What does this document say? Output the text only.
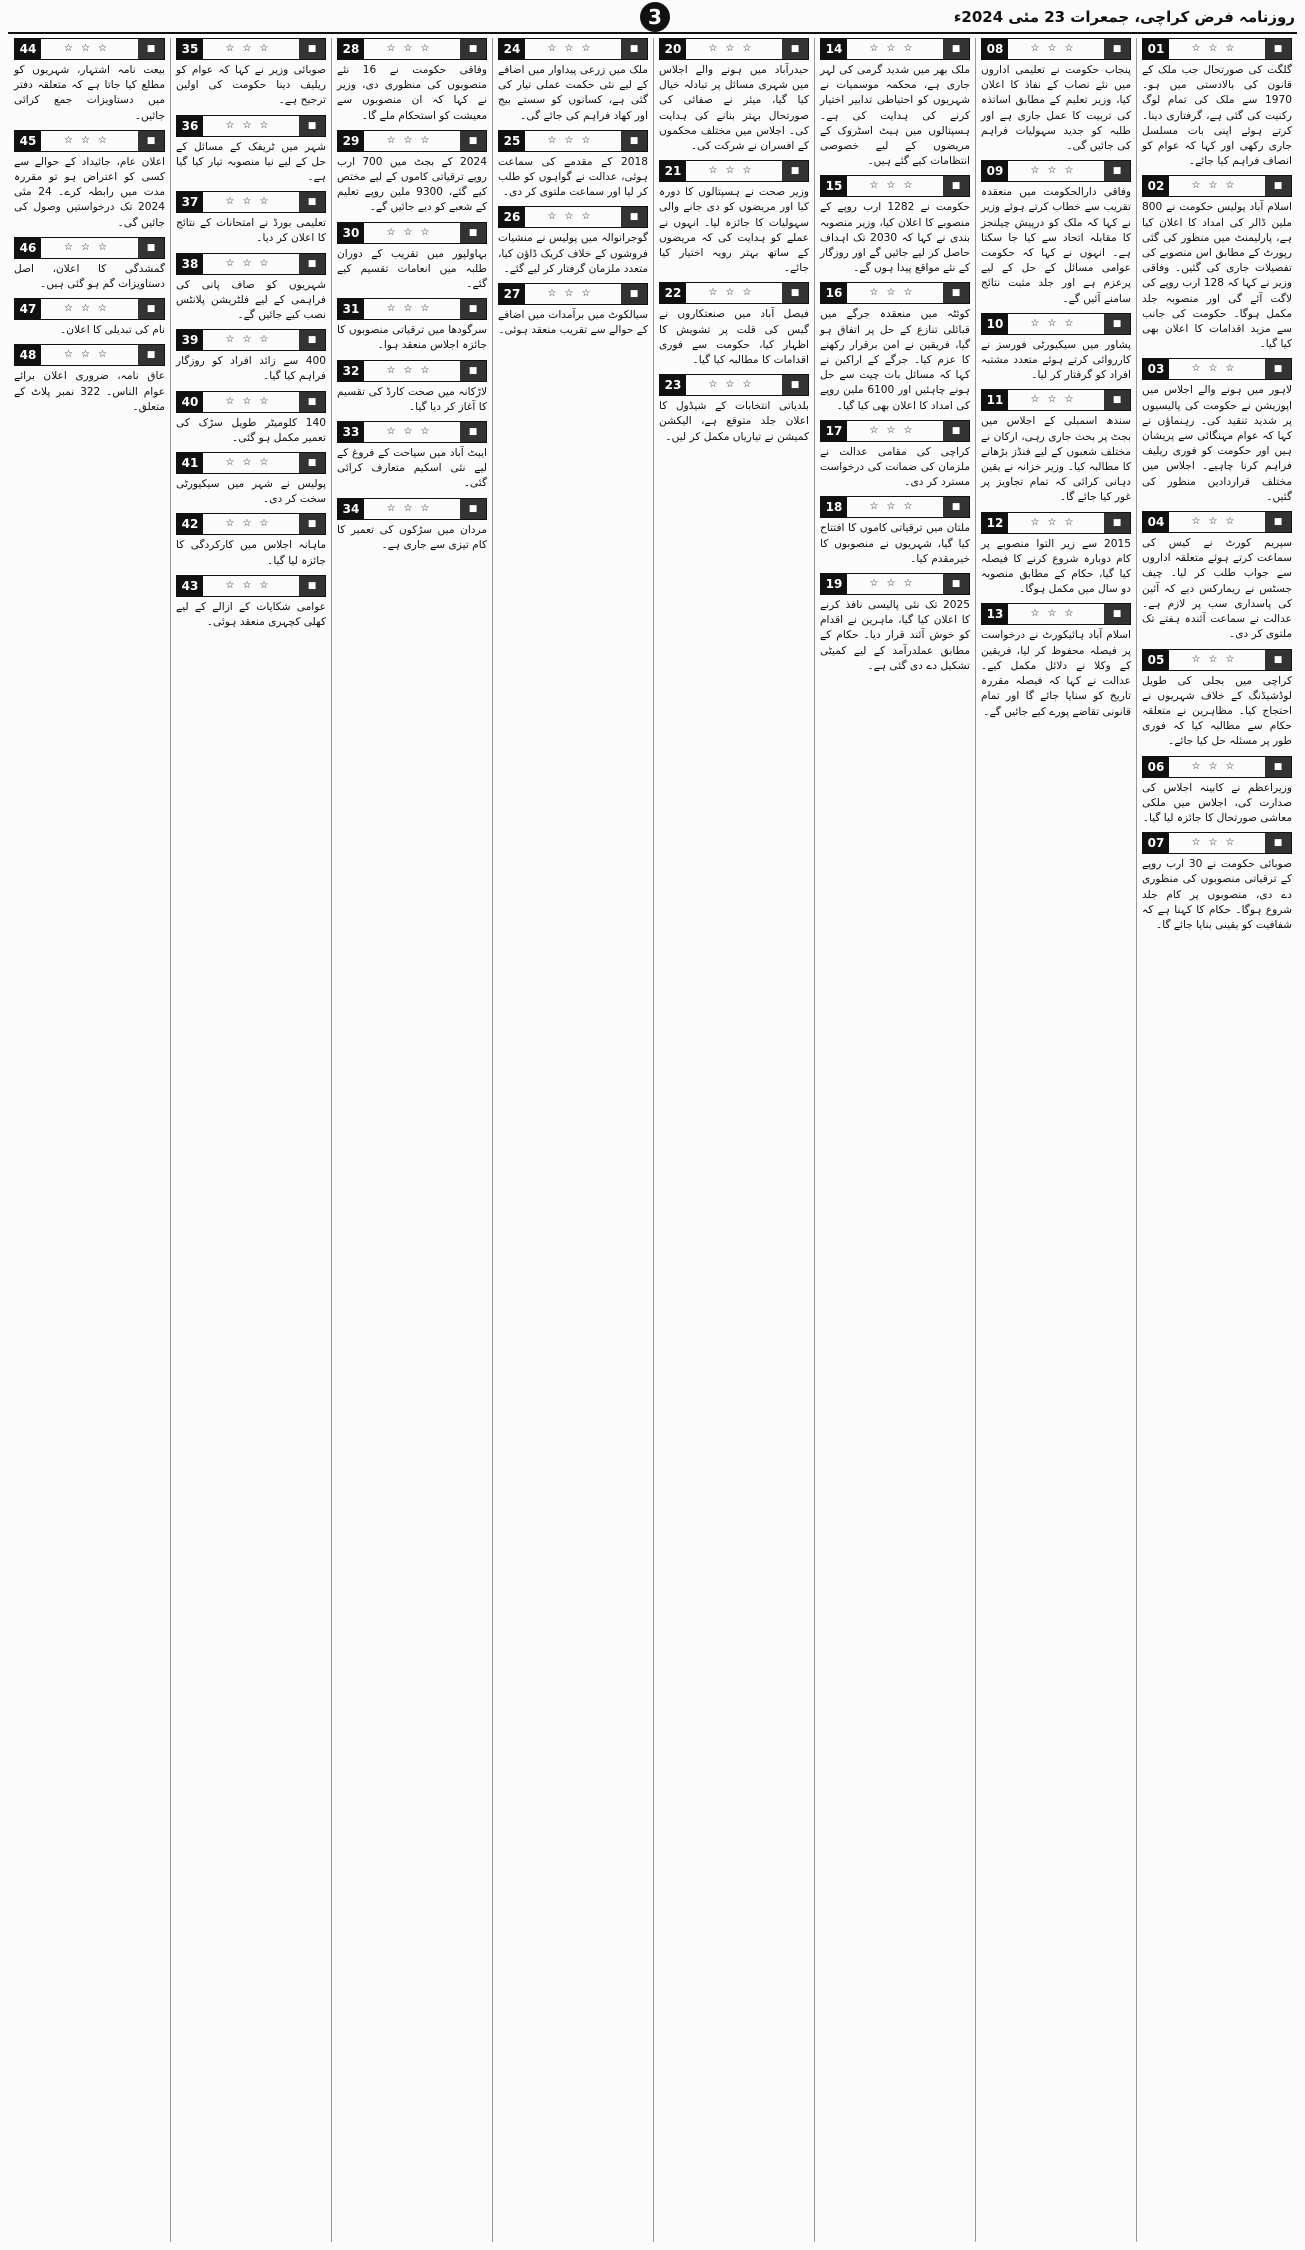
3	روزنامہ فرض کراچی، جمعرات 23 مئی 2024ء
01	☆☆☆	■

گلگت کی صورتحال جب ملک کے قانون کی بالادستی میں ہو۔ 1970 سے ملک کی تمام لوگ رکنیت کی گئی ہے، گرفتاری دینا۔ کرتے ہوئے اپنی بات مسلسل جاری رکھی اور کہا کہ عوام کو انصاف فراہم کیا جائے۔

02	☆☆☆	■

اسلام آباد پولیس حکومت نے 800 ملین ڈالر کی امداد کا اعلان کیا ہے، پارلیمنٹ میں منظور کی گئی رپورٹ کے مطابق اس منصوبے کی تفصیلات جاری کی گئیں۔ وفاقی وزیر نے کہا کہ 128 ارب روپے کی لاگت آئے گی اور منصوبہ جلد مکمل ہوگا۔ حکومت کی جانب سے مزید اقدامات کا اعلان بھی کیا گیا۔

03	☆☆☆	■

لاہور میں ہونے والے اجلاس میں اپوزیشن نے حکومت کی پالیسیوں پر شدید تنقید کی۔ رہنماؤں نے کہا کہ عوام مہنگائی سے پریشان ہیں اور حکومت کو فوری ریلیف فراہم کرنا چاہیے۔ اجلاس میں مختلف قراردادیں منظور کی گئیں۔

04	☆☆☆	■

سپریم کورٹ نے کیس کی سماعت کرتے ہوئے متعلقہ اداروں سے جواب طلب کر لیا۔ چیف جسٹس نے ریمارکس دیے کہ آئین کی پاسداری سب پر لازم ہے۔ عدالت نے سماعت آئندہ ہفتے تک ملتوی کر دی۔

05	☆☆☆	■

کراچی میں بجلی کی طویل لوڈشیڈنگ کے خلاف شہریوں نے احتجاج کیا۔ مظاہرین نے متعلقہ حکام سے مطالبہ کیا کہ فوری طور پر مسئلہ حل کیا جائے۔

06	☆☆☆	■

وزیراعظم نے کابینہ اجلاس کی صدارت کی، اجلاس میں ملکی معاشی صورتحال کا جائزہ لیا گیا۔

07	☆☆☆	■

صوبائی حکومت نے 30 ارب روپے کے ترقیاتی منصوبوں کی منظوری دے دی، منصوبوں پر کام جلد شروع ہوگا۔ حکام کا کہنا ہے کہ شفافیت کو یقینی بنایا جائے گا۔

08	☆☆☆	■

پنجاب حکومت نے تعلیمی اداروں میں نئے نصاب کے نفاذ کا اعلان کیا، وزیر تعلیم کے مطابق اساتذہ کی تربیت کا عمل جاری ہے اور طلبہ کو جدید سہولیات فراہم کی جائیں گی۔

09	☆☆☆	■

وفاقی دارالحکومت میں منعقدہ تقریب سے خطاب کرتے ہوئے وزیر نے کہا کہ ملک کو درپیش چیلنجز کا مقابلہ اتحاد سے کیا جا سکتا ہے۔ انہوں نے کہا کہ حکومت عوامی مسائل کے حل کے لیے پرعزم ہے اور جلد مثبت نتائج سامنے آئیں گے۔

10	☆☆☆	■

پشاور میں سیکیورٹی فورسز نے کارروائی کرتے ہوئے متعدد مشتبہ افراد کو گرفتار کر لیا۔

11	☆☆☆	■

سندھ اسمبلی کے اجلاس میں بجٹ پر بحث جاری رہی، ارکان نے مختلف شعبوں کے لیے فنڈز بڑھانے کا مطالبہ کیا۔ وزیر خزانہ نے یقین دہانی کرائی کہ تمام تجاویز پر غور کیا جائے گا۔

12	☆☆☆	■

2015 سے زیر التوا منصوبے پر کام دوبارہ شروع کرنے کا فیصلہ کیا گیا، حکام کے مطابق منصوبہ دو سال میں مکمل ہوگا۔

13	☆☆☆	■

اسلام آباد ہائیکورٹ نے درخواست پر فیصلہ محفوظ کر لیا، فریقین کے وکلا نے دلائل مکمل کیے۔ عدالت نے کہا کہ فیصلہ مقررہ تاریخ کو سنایا جائے گا اور تمام قانونی تقاضے پورے کیے جائیں گے۔

14	☆☆☆	■

ملک بھر میں شدید گرمی کی لہر جاری ہے، محکمہ موسمیات نے شہریوں کو احتیاطی تدابیر اختیار کرنے کی ہدایت کی ہے۔ ہسپتالوں میں ہیٹ اسٹروک کے مریضوں کے لیے خصوصی انتظامات کیے گئے ہیں۔

15	☆☆☆	■

حکومت نے 1282 ارب روپے کے منصوبے کا اعلان کیا، وزیر منصوبہ بندی نے کہا کہ 2030 تک اہداف حاصل کر لیے جائیں گے اور روزگار کے نئے مواقع پیدا ہوں گے۔

16	☆☆☆	■

کوئٹہ میں منعقدہ جرگے میں قبائلی تنازع کے حل پر اتفاق ہو گیا، فریقین نے امن برقرار رکھنے کا عزم کیا۔ جرگے کے اراکین نے کہا کہ مسائل بات چیت سے حل ہونے چاہئیں اور 6100 ملین روپے کی امداد کا اعلان بھی کیا گیا۔

17	☆☆☆	■

کراچی کی مقامی عدالت نے ملزمان کی ضمانت کی درخواست مسترد کر دی۔

18	☆☆☆	■

ملتان میں ترقیاتی کاموں کا افتتاح کیا گیا، شہریوں نے منصوبوں کا خیرمقدم کیا۔

19	☆☆☆	■

2025 تک نئی پالیسی نافذ کرنے کا اعلان کیا گیا، ماہرین نے اقدام کو خوش آئند قرار دیا۔ حکام کے مطابق عملدرآمد کے لیے کمیٹی تشکیل دے دی گئی ہے۔

20	☆☆☆	■

حیدرآباد میں ہونے والے اجلاس میں شہری مسائل پر تبادلہ خیال کیا گیا، میئر نے صفائی کی صورتحال بہتر بنانے کی ہدایت کی۔ اجلاس میں مختلف محکموں کے افسران نے شرکت کی۔

21	☆☆☆	■

وزیر صحت نے ہسپتالوں کا دورہ کیا اور مریضوں کو دی جانے والی سہولیات کا جائزہ لیا۔ انہوں نے عملے کو ہدایت کی کہ مریضوں کے ساتھ بہتر رویہ اختیار کیا جائے۔

22	☆☆☆	■

فیصل آباد میں صنعتکاروں نے گیس کی قلت پر تشویش کا اظہار کیا، حکومت سے فوری اقدامات کا مطالبہ کیا گیا۔

23	☆☆☆	■

بلدیاتی انتخابات کے شیڈول کا اعلان جلد متوقع ہے، الیکشن کمیشن نے تیاریاں مکمل کر لیں۔

24	☆☆☆	■

ملک میں زرعی پیداوار میں اضافے کے لیے نئی حکمت عملی تیار کی گئی ہے، کسانوں کو سستے بیج اور کھاد فراہم کی جائے گی۔

25	☆☆☆	■

2018 کے مقدمے کی سماعت ہوئی، عدالت نے گواہوں کو طلب کر لیا اور سماعت ملتوی کر دی۔

26	☆☆☆	■

گوجرانوالہ میں پولیس نے منشیات فروشوں کے خلاف کریک ڈاؤن کیا، متعدد ملزمان گرفتار کر لیے گئے۔

27	☆☆☆	■

سیالکوٹ میں برآمدات میں اضافے کے حوالے سے تقریب منعقد ہوئی۔

28	☆☆☆	■

وفاقی حکومت نے 16 نئے منصوبوں کی منظوری دی، وزیر نے کہا کہ ان منصوبوں سے معیشت کو استحکام ملے گا۔

29	☆☆☆	■

2024 کے بجٹ میں 700 ارب روپے ترقیاتی کاموں کے لیے مختص کیے گئے، 9300 ملین روپے تعلیم کے شعبے کو دیے جائیں گے۔

30	☆☆☆	■

بہاولپور میں تقریب کے دوران طلبہ میں انعامات تقسیم کیے گئے۔

31	☆☆☆	■

سرگودھا میں ترقیاتی منصوبوں کا جائزہ اجلاس منعقد ہوا۔

32	☆☆☆	■

لاڑکانہ میں صحت کارڈ کی تقسیم کا آغاز کر دیا گیا۔

33	☆☆☆	■

ایبٹ آباد میں سیاحت کے فروغ کے لیے نئی اسکیم متعارف کرائی گئی۔

34	☆☆☆	■

مردان میں سڑکوں کی تعمیر کا کام تیزی سے جاری ہے۔

35	☆☆☆	■

صوبائی وزیر نے کہا کہ عوام کو ریلیف دینا حکومت کی اولین ترجیح ہے۔

36	☆☆☆	■

شہر میں ٹریفک کے مسائل کے حل کے لیے نیا منصوبہ تیار کیا گیا ہے۔

37	☆☆☆	■

تعلیمی بورڈ نے امتحانات کے نتائج کا اعلان کر دیا۔

38	☆☆☆	■

شہریوں کو صاف پانی کی فراہمی کے لیے فلٹریشن پلانٹس نصب کیے جائیں گے۔

39	☆☆☆	■

400 سے زائد افراد کو روزگار فراہم کیا گیا۔

40	☆☆☆	■

140 کلومیٹر طویل سڑک کی تعمیر مکمل ہو گئی۔

41	☆☆☆	■

پولیس نے شہر میں سیکیورٹی سخت کر دی۔

42	☆☆☆	■

ماہانہ اجلاس میں کارکردگی کا جائزہ لیا گیا۔

43	☆☆☆	■

عوامی شکایات کے ازالے کے لیے کھلی کچہری منعقد ہوئی۔

44	☆☆☆	■

بیعت نامہ اشتہار، شہریوں کو مطلع کیا جاتا ہے کہ متعلقہ دفتر میں دستاویزات جمع کرائی جائیں۔

45	☆☆☆	■

اعلان عام، جائیداد کے حوالے سے کسی کو اعتراض ہو تو مقررہ مدت میں رابطہ کرے۔ 24 مئی 2024 تک درخواستیں وصول کی جائیں گی۔

46	☆☆☆	■

گمشدگی کا اعلان، اصل دستاویزات گم ہو گئی ہیں۔

47	☆☆☆	■

نام کی تبدیلی کا اعلان۔

48	☆☆☆	■

عاق نامہ، ضروری اعلان برائے عوام الناس۔ 322 نمبر پلاٹ کے متعلق۔
